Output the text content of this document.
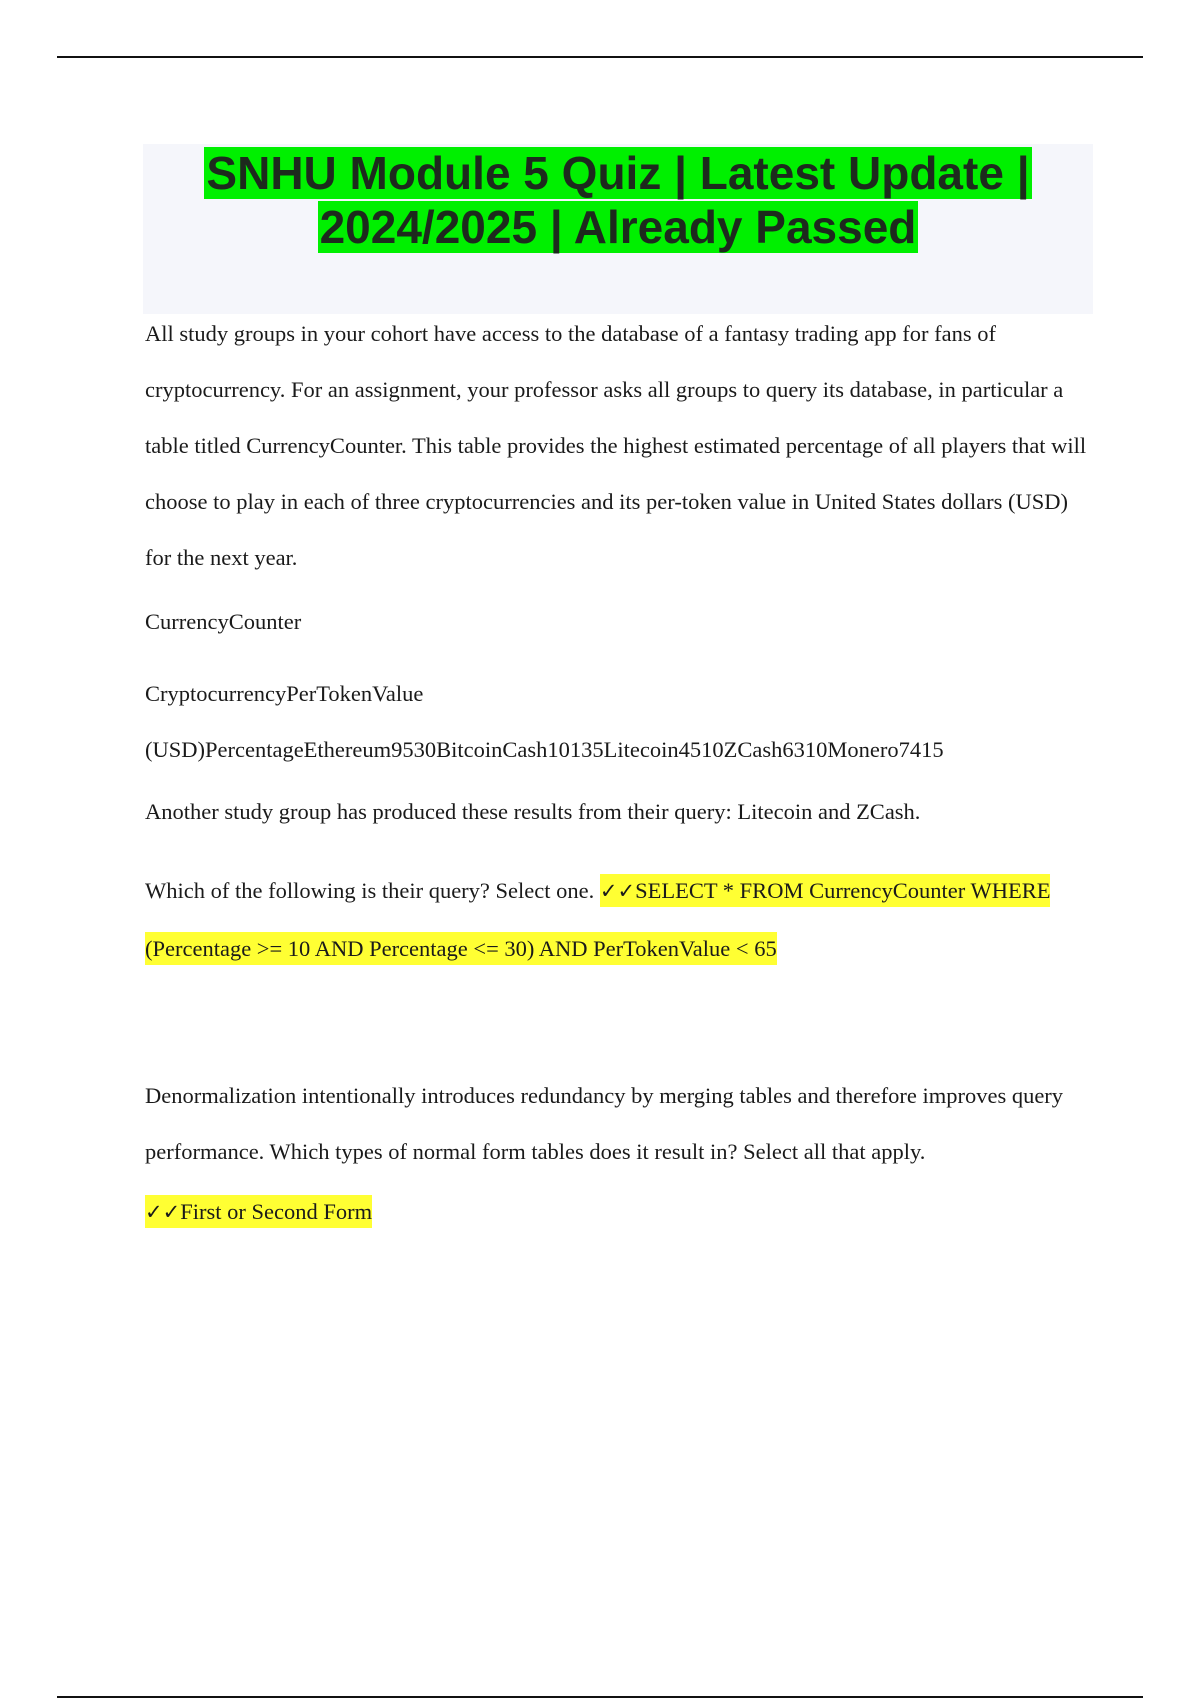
SNHU Module 5 Quiz | Latest Update |
2024/2025 | Already Passed

All study groups in your cohort have access to the database of a fantasy trading app for fans of cryptocurrency. For an assignment, your professor asks all groups to query its database, in particular a table titled CurrencyCounter. This table provides the highest estimated percentage of all players that will choose to play in each of three cryptocurrencies and its per-token value in United States dollars (USD) for the next year.

CurrencyCounter

CryptocurrencyPerTokenValue
(USD)PercentageEthereum9530BitcoinCash10135Litecoin4510ZCash6310Monero7415

Another study group has produced these results from their query: Litecoin and ZCash.

Which of the following is their query? Select one. ✓✓SELECT * FROM CurrencyCounter WHERE (Percentage >= 10 AND Percentage <= 30) AND PerTokenValue < 65

Denormalization intentionally introduces redundancy by merging tables and therefore improves query performance. Which types of normal form tables does it result in? Select all that apply.

✓✓First or Second Form
